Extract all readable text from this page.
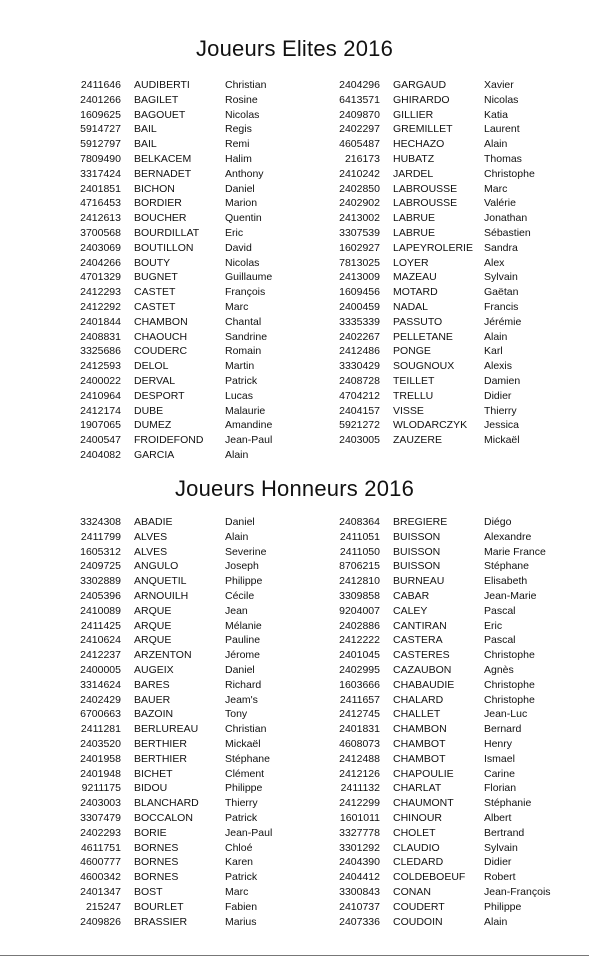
Joueurs Elites 2016
2411646 AUDIBERTI	Christian
2401266 BAGILET	Rosine
1609625 BAGOUET	Nicolas
5914727 BAIL	Regis
5912797 BAIL	Remi
7809490 BELKACEM	Halim
3317424 BERNADET	Anthony
2401851 BICHON	Daniel
4716453 BORDIER	Marion
2412613 BOUCHER	Quentin
3700568 BOURDILLAT Eric
2403069 BOUTILLON	David
2404266 BOUTY	Nicolas
4701329 BUGNET	Guillaume
2412293 CASTET	François
2412292 CASTET	Marc
2401844 CHAMBON	Chantal
2408831 CHAOUCH	Sandrine
3325686 COUDERC	Romain
2412593 DELOL	Martin
2400022 DERVAL	Patrick
2410964 DESPORT	Lucas
2412174 DUBE	Malaurie
1907065 DUMEZ	Amandine
2400547 FROIDEFOND Jean-Paul
2404082 GARCIA	Alain
2404296 GARGAUD	Xavier
6413571 GHIRARDO	Nicolas
2409870 GILLIER	Katia
2402297 GREMILLET	Laurent
4605487 HECHAZO	Alain
216173 HUBATZ	Thomas
2410242 JARDEL	Christophe
2402850 LABROUSSE	Marc
2402902 LABROUSSE	Valérie
2413002 LABRUE	Jonathan
3307539 LABRUE	Sébastien
1602927 LAPEYROLERIE Sandra
7813025 LOYER	Alex
2413009 MAZEAU	Sylvain
1609456 MOTARD	Gaëtan
2400459 NADAL	Francis
3335339 PASSUTO	Jérémie
2402267 PELLETANE	Alain
2412486 PONGE	Karl
3330429 SOUGNOUX	Alexis
2408728 TEILLET	Damien
4704212 TRELLU	Didier
2404157 VISSE	Thierry
5921272 WLODARCZYK Jessica
2403005 ZAUZERE	Mickaël
Joueurs Honneurs 2016
3324308 ABADIE	Daniel
2411799 ALVES	Alain
1605312 ALVES	Severine
2409725 ANGULO	Joseph
3302889 ANQUETIL	Philippe
2405396 ARNOUILH	Cécile
2410089 ARQUE	Jean
2411425 ARQUE	Mélanie
2410624 ARQUE	Pauline
2412237 ARZENTON	Jérome
2400005 AUGEIX	Daniel
3314624 BARES	Richard
2402429 BAUER	Jeam's
6700663 BAZOIN	Tony
2411281 BERLUREAU	Christian
2403520 BERTHIER	Mickaël
2401958 BERTHIER	Stéphane
2401948 BICHET	Clément
9211175 BIDOU	Philippe
2403003 BLANCHARD Thierry
3307479 BOCCALON	Patrick
2402293 BORIE	Jean-Paul
4611751 BORNES	Chloé
4600777 BORNES	Karen
4600342 BORNES	Patrick
2401347 BOST	Marc
215247 BOURLET	Fabien
2409826 BRASSIER	Marius
2408364 BREGIERE	Diégo
2411051 BUISSON	Alexandre
2411050 BUISSON	Marie France
8706215 BUISSON	Stéphane
2412810 BURNEAU	Elisabeth
3309858 CABAR	Jean-Marie
9204007 CALEY	Pascal
2402886 CANTIRAN	Eric
2412222 CASTERA	Pascal
2401045 CASTERES	Christophe
2402995 CAZAUBON	Agnès
1603666 CHABAUDIE	Christophe
2411657 CHALARD	Christophe
2412745 CHALLET	Jean-Luc
2401831 CHAMBON	Bernard
4608073 CHAMBOT	Henry
2412488 CHAMBOT	Ismael
2412126 CHAPOULIE	Carine
2411132 CHARLAT	Florian
2412299 CHAUMONT	Stéphanie
1601011 CHINOUR	Albert
3327778 CHOLET	Bertrand
3301292 CLAUDIO	Sylvain
2404390 CLEDARD	Didier
2404412 COLDEBOEUF Robert
3300843 CONAN	Jean-François
2410737 COUDERT	Philippe
2407336 COUDOIN	Alain
